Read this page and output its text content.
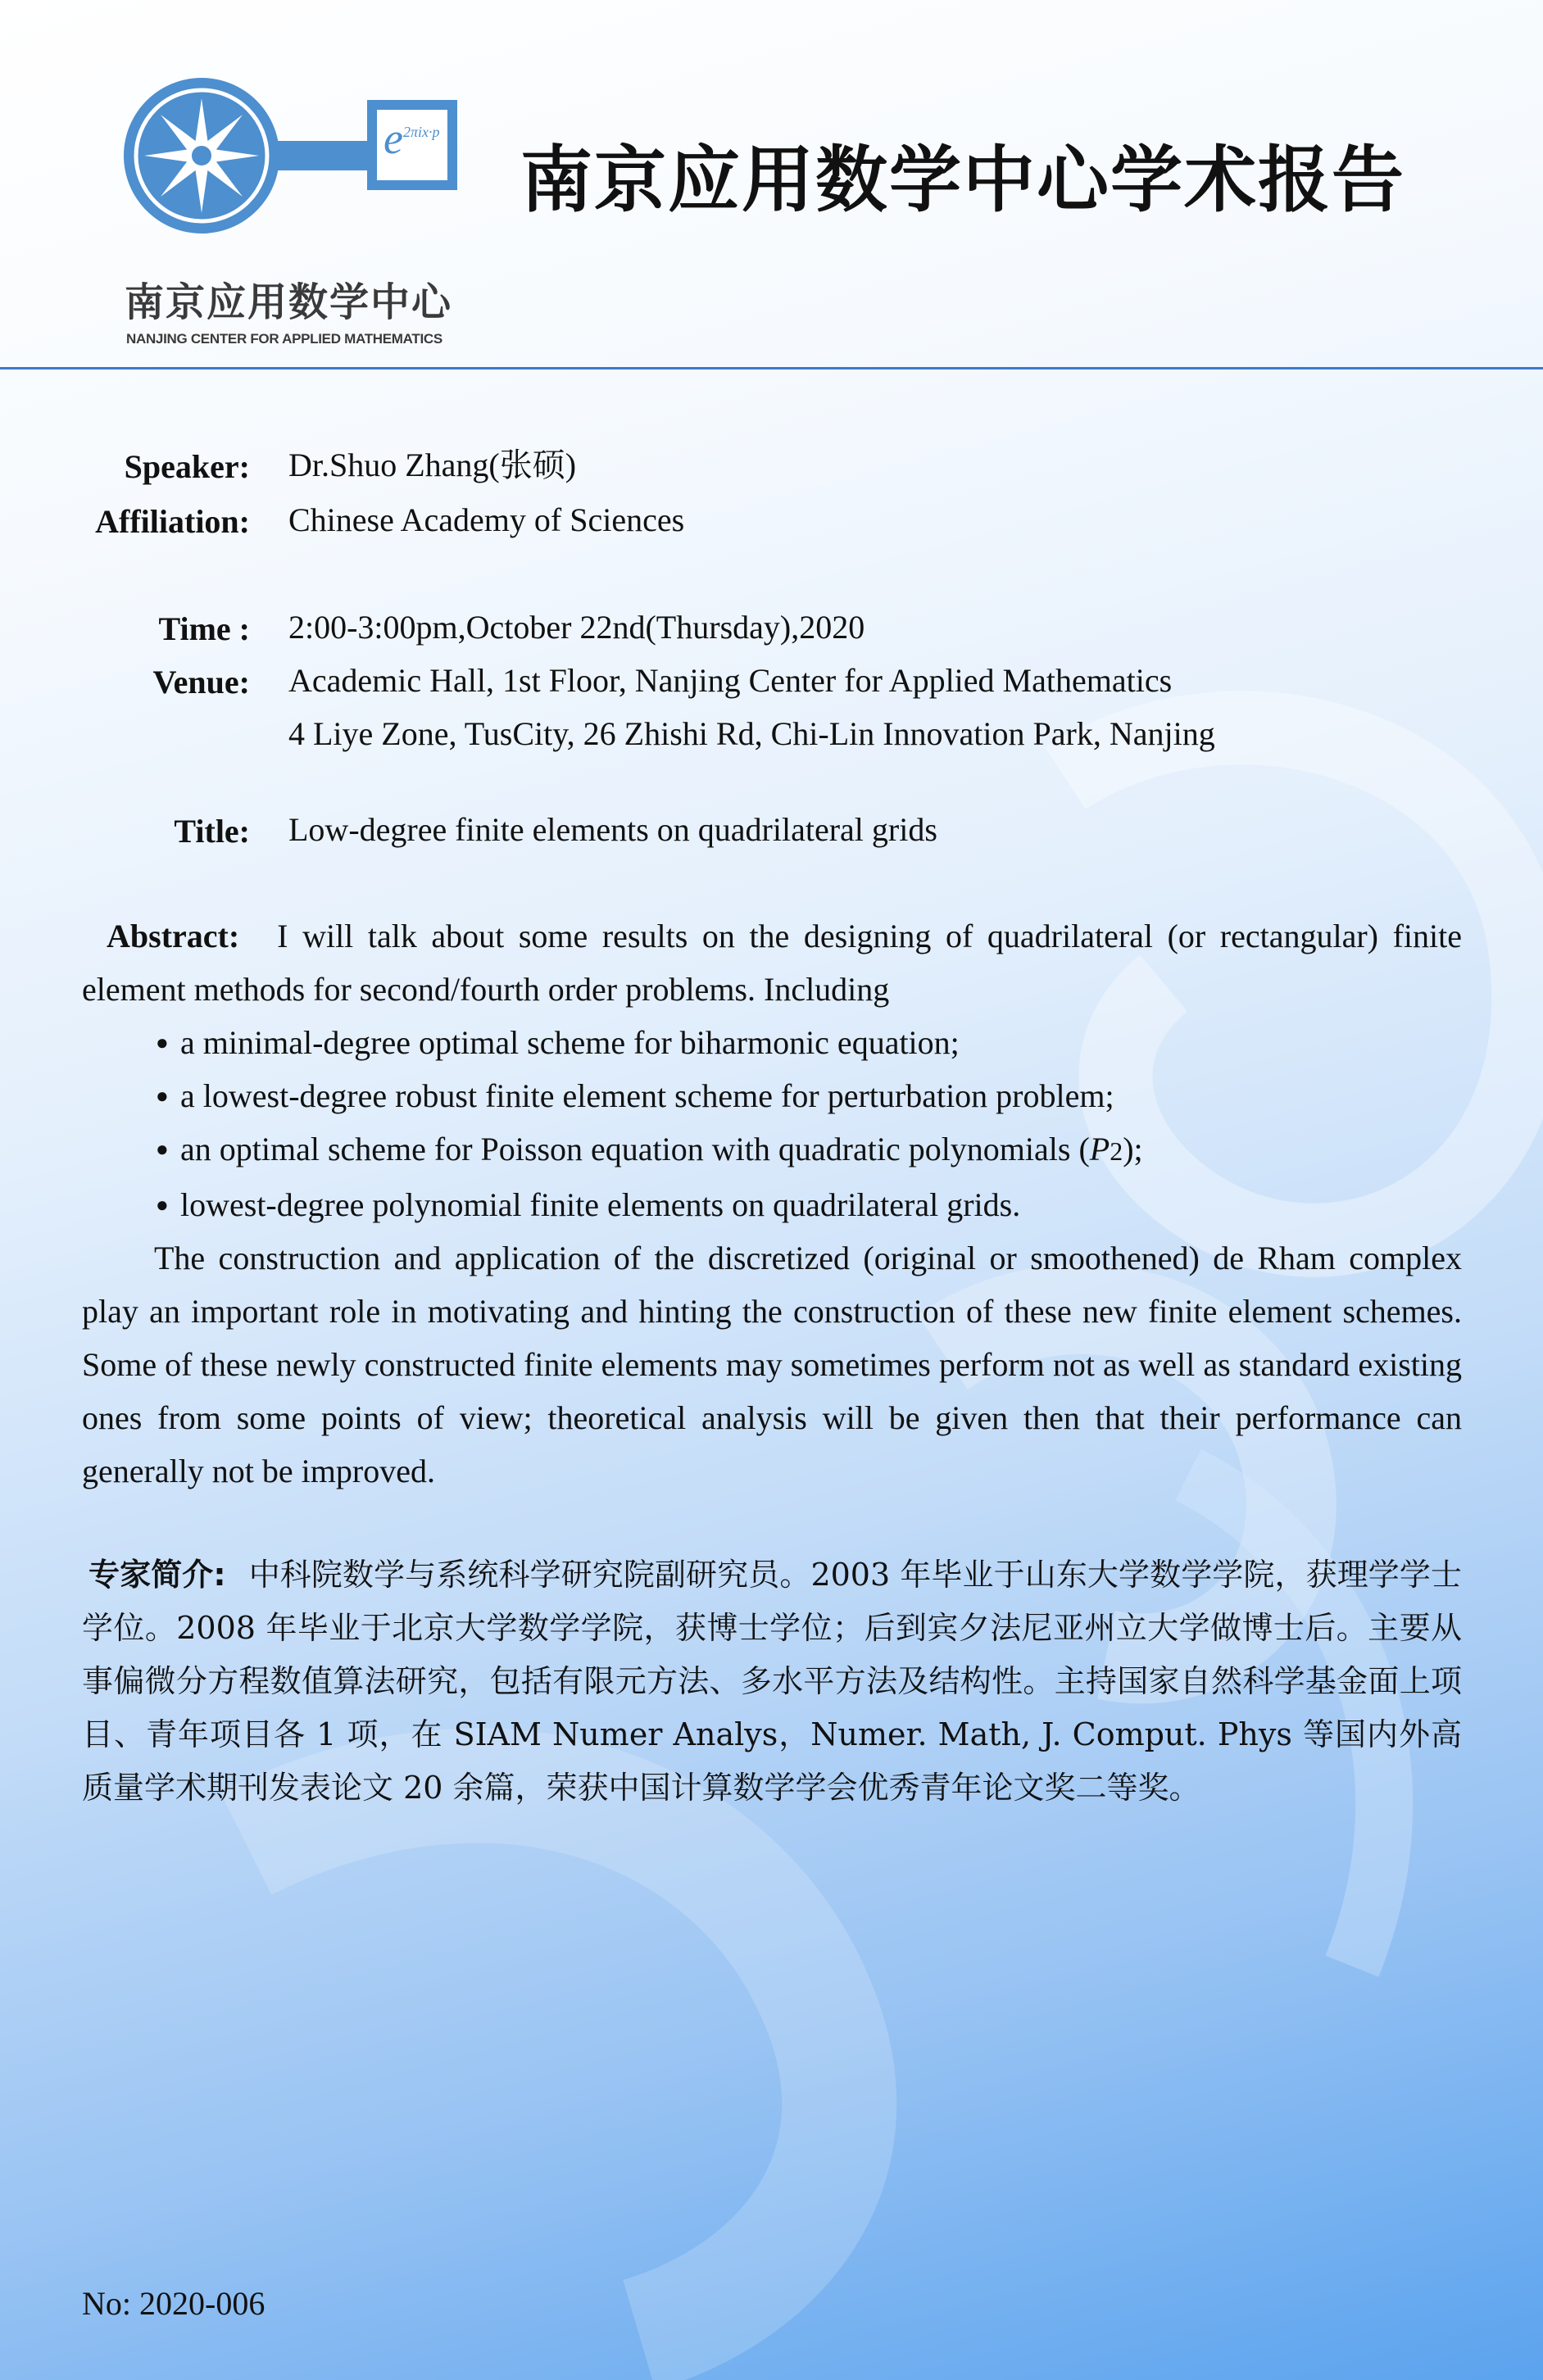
$e^{2\pi ix\cdot p}$
南京应用数学中心
NANJING CENTER FOR APPLIED MATHEMATICS
南京应用数学中心学术报告
Speaker: Dr.Shuo Zhang(张硕)
Affiliation: Chinese Academy of Sciences
Time : 2:00-3:00pm,October 22nd(Thursday),2020
Venue: Academic Hall, 1st Floor, Nanjing Center for Applied Mathematics
4 Liye Zone, TusCity, 26 Zhishi Rd, Chi-Lin Innovation Park, Nanjing
Title: Low-degree finite elements on quadrilateral grids
Abstract: I will talk about some results on the designing of quadrilateral (or rectangular) finite element methods for second/fourth order problems. Including
● a minimal-degree optimal scheme for biharmonic equation;
● a lowest-degree robust finite element scheme for perturbation problem;
● an optimal scheme for Poisson equation with quadratic polynomials (P2);
● lowest-degree polynomial finite elements on quadrilateral grids.
The construction and application of the discretized (original or smoothened) de Rham complex play an important role in motivating and hinting the construction of these new finite element schemes. Some of these newly constructed finite elements may sometimes perform not as well as standard existing ones from some points of view; theoretical analysis will be given then that their performance can generally not be improved.
专家简介: 中科院数学与系统科学研究院副研究员。2003 年毕业于山东大学数学学院，获理学学士学位。2008 年毕业于北京大学数学学院，获博士学位；后到宾夕法尼亚州立大学做博士后。主要从事偏微分方程数值算法研究，包括有限元方法、多水平方法及结构性。主持国家自然科学基金面上项目、青年项目各 1 项，在 SIAM Numer Analys，Numer. Math, J. Comput. Phys 等国内外高质量学术期刊发表论文 20 余篇，荣获中国计算数学学会优秀青年论文奖二等奖。
No: 2020-006
